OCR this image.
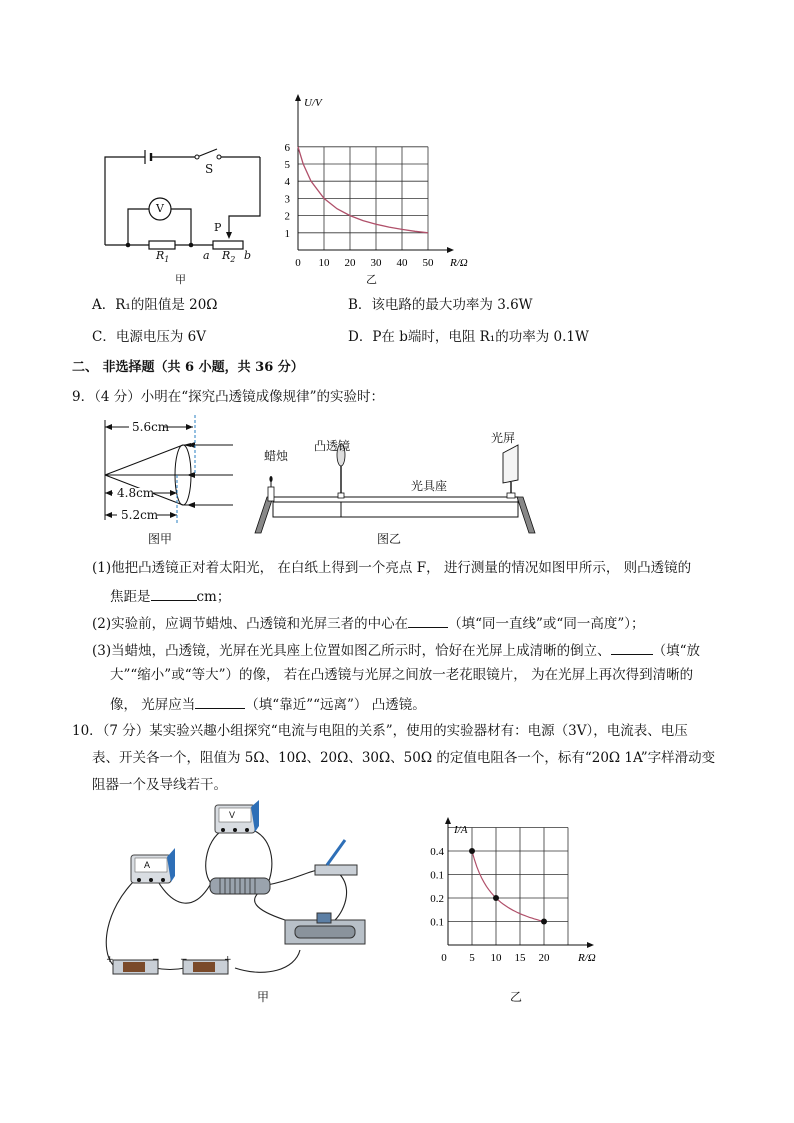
V
S
P
$R_1$	$R_2$
a	b
甲
1
2
3
4
5
6
0 10 20 30 40 50
U/V
R/Ω
乙
A．R₁的阻值是 20Ω	B．该电路的最大功率为 3.6W
C．电源电压为 6V	D．P在 b端时，电阻 R₁的功率为 0.1W
二、 非选择题（共 6 小题，共 36 分）
9．（4 分）小明在“探究凸透镜成像规律”的实验时：
5.6cm
4.8cm
5.2cm
图甲
蜡烛
凸透镜
光屏
光具座
图乙
(1)他把凸透镜正对着太阳光， 在白纸上得到一个亮点 F， 进行测量的情况如图甲所示， 则凸透镜的
焦距是	cm；
(2)实验前，应调节蜡烛、凸透镜和光屏三者的中心在	（填“同一直线”或“同一高度”）；
(3)当蜡烛，凸透镜，光屏在光具座上位置如图乙所示时，恰好在光屏上成清晰的倒立、	（填“放
大”“缩小”或“等大”）的像， 若在凸透镜与光屏之间放一老花眼镜片， 为在光屏上再次得到清晰的
像， 光屏应当	（填“靠近”“远离”） 凸透镜。
10．（7 分）某实验兴趣小组探究“电流与电阻的关系”，使用的实验器材有：电源（3V），电流表、电压
表、开关各一个，阻值为 5Ω、10Ω、20Ω、30Ω、50Ω 的定值电阻各一个，标有“20Ω 1A”字样滑动变
阻器一个及导线若干。
A
V
+	− −	+
甲
0.1
0.2
0.1
0.4
0 5 10 15 20
I/A
R/Ω
乙
